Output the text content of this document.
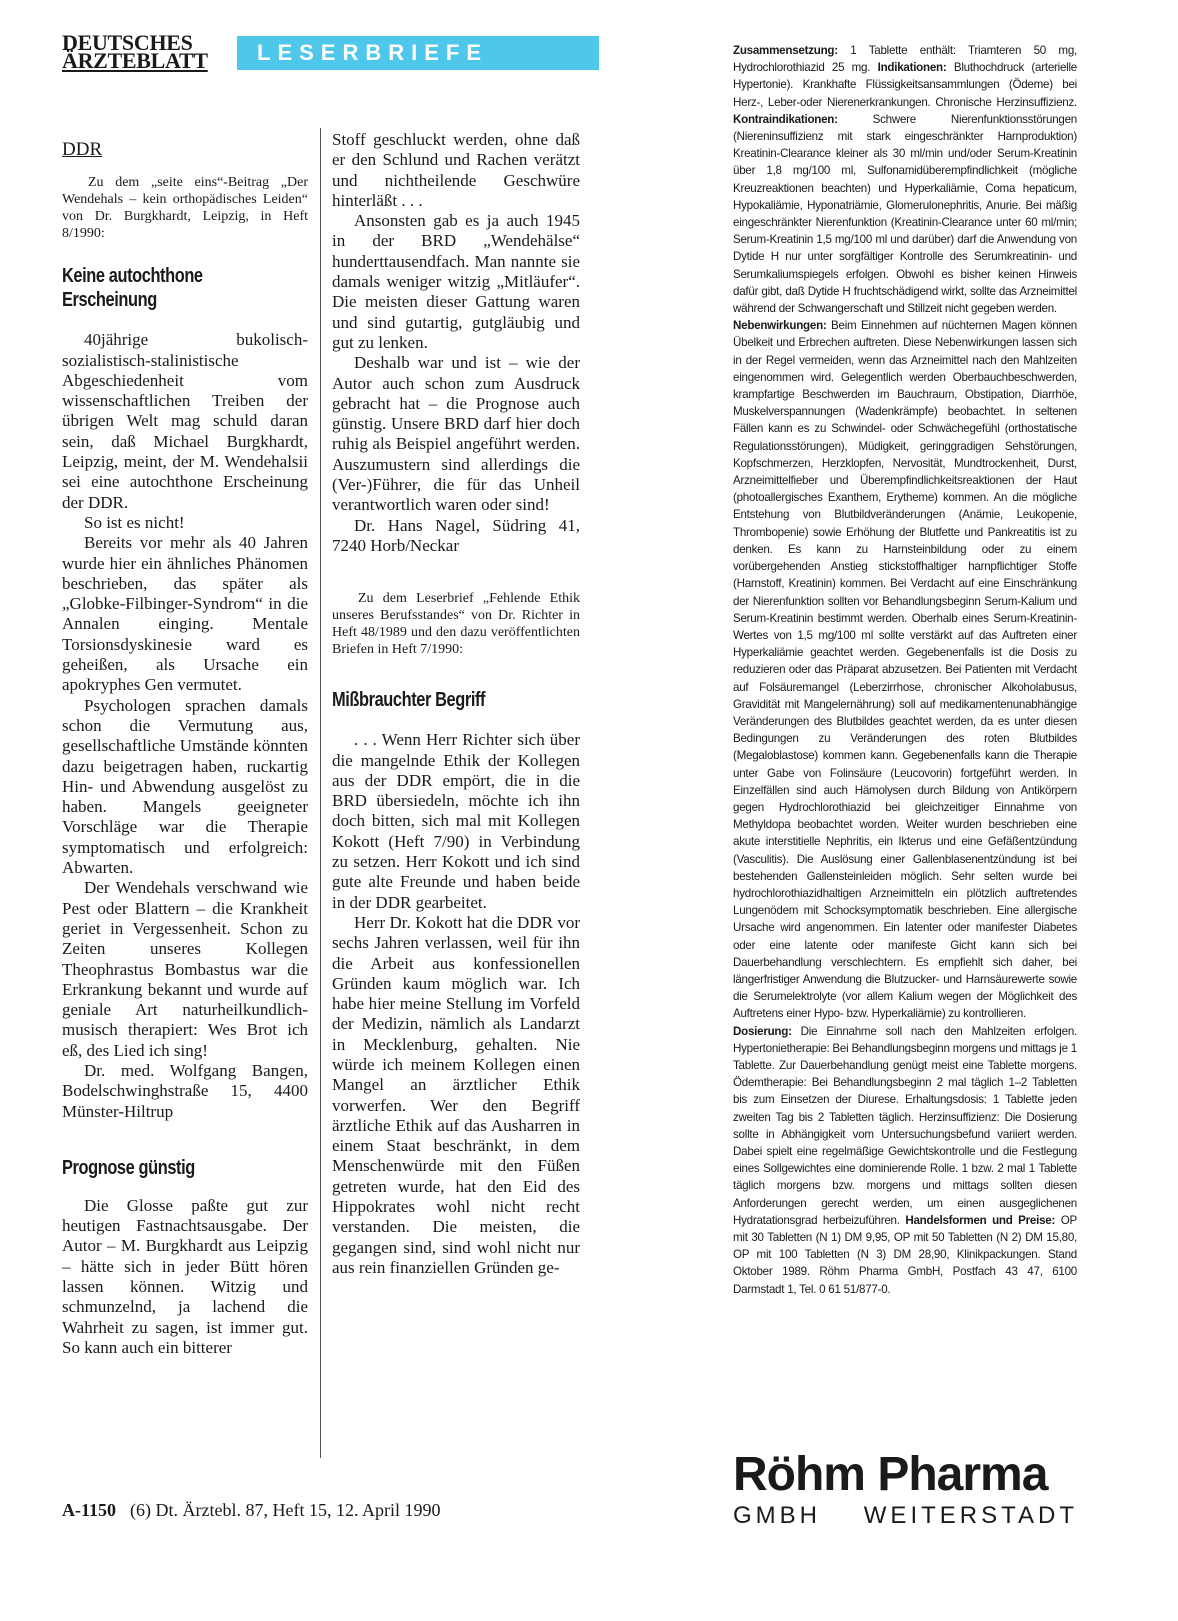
DEUTSCHES
ÄRZTEBLATT LESERBRIEFE
DDR

Zu dem „seite eins“-Beitrag „Der Wendehals – kein orthopädisches Leiden“ von Dr. Burgkhardt, Leipzig, in Heft 8/1990:

Keine autochthone

Erscheinung

40jährige bukolisch-sozialistisch-stalinistische Abgeschiedenheit vom wissenschaftlichen Treiben der übrigen Welt mag schuld daran sein, daß Michael Burgkhardt, Leipzig, meint, der M. Wendehalsii sei eine autochthone Erscheinung der DDR.

So ist es nicht!

Bereits vor mehr als 40 Jahren wurde hier ein ähnliches Phänomen beschrieben, das später als „Globke-Filbinger-Syndrom“ in die Annalen einging. Mentale Torsionsdyskinesie ward es geheißen, als Ursache ein apokryphes Gen vermutet.

Psychologen sprachen damals schon die Vermutung aus, gesellschaftliche Umstände könnten dazu beigetragen haben, ruckartig Hin- und Abwendung ausgelöst zu haben. Mangels geeigneter Vorschläge war die Therapie symptomatisch und erfolgreich: Abwarten.

Der Wendehals verschwand wie Pest oder Blattern – die Krankheit geriet in Vergessenheit. Schon zu Zeiten unseres Kollegen Theophrastus Bombastus war die Erkrankung bekannt und wurde auf geniale Art naturheilkundlich-musisch therapiert: Wes Brot ich eß, des Lied ich sing!

Dr. med. Wolfgang Bangen, Bodelschwinghstraße 15, 4400 Münster-Hiltrup

Prognose günstig

Die Glosse paßte gut zur heutigen Fastnachtsausgabe. Der Autor – M. Burgkhardt aus Leipzig – hätte sich in jeder Bütt hören lassen können. Witzig und schmunzelnd, ja lachend die Wahrheit zu sagen, ist immer gut. So kann auch ein bitterer

Stoff geschluckt werden, ohne daß er den Schlund und Rachen verätzt und nichtheilende Geschwüre hinterläßt . . .

Ansonsten gab es ja auch 1945 in der BRD „Wendehälse“ hunderttausendfach. Man nannte sie damals weniger witzig „Mitläufer“. Die meisten dieser Gattung waren und sind gutartig, gutgläubig und gut zu lenken.

Deshalb war und ist – wie der Autor auch schon zum Ausdruck gebracht hat – die Prognose auch günstig. Unsere BRD darf hier doch ruhig als Beispiel angeführt werden. Auszumustern sind allerdings die (Ver-)Führer, die für das Unheil verantwortlich waren oder sind!

Dr. Hans Nagel, Südring 41, 7240 Horb/Neckar

Zu dem Leserbrief „Fehlende Ethik unseres Berufsstandes“ von Dr. Richter in Heft 48/1989 und den dazu veröffentlichten Briefen in Heft 7/1990:

Mißbrauchter Begriff

. . . Wenn Herr Richter sich über die mangelnde Ethik der Kollegen aus der DDR empört, die in die BRD übersiedeln, möchte ich ihn doch bitten, sich mal mit Kollegen Kokott (Heft 7/90) in Verbindung zu setzen. Herr Kokott und ich sind gute alte Freunde und haben beide in der DDR gearbeitet.

Herr Dr. Kokott hat die DDR vor sechs Jahren verlassen, weil für ihn die Arbeit aus konfessionellen Gründen kaum möglich war. Ich habe hier meine Stellung im Vorfeld der Medizin, nämlich als Landarzt in Mecklenburg, gehalten. Nie würde ich meinem Kollegen einen Mangel an ärztlicher Ethik vorwerfen. Wer den Begriff ärztliche Ethik auf das Ausharren in einem Staat beschränkt, in dem Menschenwürde mit den Füßen getreten wurde, hat den Eid des Hippokrates wohl nicht recht verstanden. Die meisten, die gegangen sind, sind wohl nicht nur aus rein finanziellen Gründen ge-

Zusammensetzung: 1 Tablette enthält: Triamteren 50 mg, Hydrochlorothiazid 25 mg. Indikationen: Bluthochdruck (arterielle Hypertonie). Krankhafte Flüssigkeitsansammlungen (Ödeme) bei Herz-, Leber-oder Nierenerkrankungen. Chronische Herzinsuffizienz. Kontraindikationen: Schwere Nierenfunktionsstörungen (Niereninsuffizienz mit stark eingeschränkter Harnproduktion) Kreatinin-Clearance kleiner als 30 ml/min und/oder Serum-Kreatinin über 1,8 mg/100 ml, Sulfonamidüberempfindlichkeit (mögliche Kreuzreaktionen beachten) und Hyperkaliämie, Coma hepaticum, Hypokaliämie, Hyponatriämie, Glomerulonephritis, Anurie. Bei mäßig eingeschränkter Nierenfunktion (Kreatinin-Clearance unter 60 ml/min; Serum-Kreatinin 1,5 mg/100 ml und darüber) darf die Anwendung von Dytide H nur unter sorgfältiger Kontrolle des Serumkreatinin- und Serumkaliumspiegels erfolgen. Obwohl es bisher keinen Hinweis dafür gibt, daß Dytide H fruchtschädigend wirkt, sollte das Arzneimittel während der Schwangerschaft und Stillzeit nicht gegeben werden.
Nebenwirkungen: Beim Einnehmen auf nüchternen Magen können Übelkeit und Erbrechen auftreten. Diese Nebenwirkungen lassen sich in der Regel vermeiden, wenn das Arzneimittel nach den Mahlzeiten eingenommen wird. Gelegentlich werden Oberbauchbeschwerden, krampfartige Beschwerden im Bauchraum, Obstipation, Diarrhöe, Muskelverspannungen (Wadenkrämpfe) beobachtet. In seltenen Fällen kann es zu Schwindel- oder Schwächegefühl (orthostatische Regulationsstörungen), Müdigkeit, geringgradigen Sehstörungen, Kopfschmerzen, Herzklopfen, Nervosität, Mundtrockenheit, Durst, Arzneimittelfieber und Überempfindlichkeitsreaktionen der Haut (photoallergisches Exanthem, Erytheme) kommen. An die mögliche Entstehung von Blutbildveränderungen (Anämie, Leukopenie, Thrombopenie) sowie Erhöhung der Blutfette und Pankreatitis ist zu denken. Es kann zu Harnsteinbildung oder zu einem vorübergehenden Anstieg stickstoffhaltiger harnpflichtiger Stoffe (Harnstoff, Kreatinin) kommen. Bei Verdacht auf eine Einschränkung der Nierenfunktion sollten vor Behandlungsbeginn Serum-Kalium und Serum-Kreatinin bestimmt werden. Oberhalb eines Serum-Kreatinin-Wertes von 1,5 mg/100 ml sollte verstärkt auf das Auftreten einer Hyperkaliämie geachtet werden. Gegebenenfalls ist die Dosis zu reduzieren oder das Präparat abzusetzen. Bei Patienten mit Verdacht auf Folsäuremangel (Leberzirrhose, chronischer Alkoholabusus, Gravidität mit Mangelernährung) soll auf medikamentenunabhängige Veränderungen des Blutbildes geachtet werden, da es unter diesen Bedingungen zu Veränderungen des roten Blutbildes (Megaloblastose) kommen kann. Gegebenenfalls kann die Therapie unter Gabe von Folinsäure (Leucovorin) fortgeführt werden. In Einzelfällen sind auch Hämolysen durch Bildung von Antikörpern gegen Hydrochlorothiazid bei gleichzeitiger Einnahme von Methyldopa beobachtet worden. Weiter wurden beschrieben eine akute interstitielle Nephritis, ein Ikterus und eine Gefäßentzündung (Vasculitis). Die Auslösung einer Gallenblasenentzündung ist bei bestehenden Gallensteinleiden möglich. Sehr selten wurde bei hydrochlorothiazidhaltigen Arzneimitteln ein plötzlich auftretendes Lungenödem mit Schocksymptomatik beschrieben. Eine allergische Ursache wird angenommen. Ein latenter oder manifester Diabetes oder eine latente oder manifeste Gicht kann sich bei Dauerbehandlung verschlechtern. Es empfiehlt sich daher, bei längerfristiger Anwendung die Blutzucker- und Harnsäurewerte sowie die Serumelektrolyte (vor allem Kalium wegen der Möglichkeit des Auftretens einer Hypo- bzw. Hyperkaliämie) zu kontrollieren.
Dosierung: Die Einnahme soll nach den Mahlzeiten erfolgen. Hypertonietherapie: Bei Behandlungsbeginn morgens und mittags je 1 Tablette. Zur Dauerbehandlung genügt meist eine Tablette morgens. Ödemtherapie: Bei Behandlungsbeginn 2 mal täglich 1–2 Tabletten bis zum Einsetzen der Diurese. Erhaltungsdosis: 1 Tablette jeden zweiten Tag bis 2 Tabletten täglich. Herzinsuffizienz: Die Dosierung sollte in Abhängigkeit vom Untersuchungsbefund variiert werden. Dabei spielt eine regelmäßige Gewichtskontrolle und die Festlegung eines Sollgewichtes eine dominierende Rolle. 1 bzw. 2 mal 1 Tablette täglich morgens bzw. morgens und mittags sollten diesen Anforderungen gerecht werden, um einen ausgeglichenen Hydratationsgrad herbeizuführen. Handelsformen und Preise: OP mit 30 Tabletten (N 1) DM 9,95, OP mit 50 Tabletten (N 2) DM 15,80, OP mit 100 Tabletten (N 3) DM 28,90, Klinikpackungen. Stand Oktober 1989. Röhm Pharma GmbH, Postfach 43 47, 6100 Darmstadt 1, Tel. 0 61 51/877-0.
Röhm Pharma
GMBH WEITERSTADT
A-1150 (6) Dt. Ärztebl. 87, Heft 15, 12. April 1990
